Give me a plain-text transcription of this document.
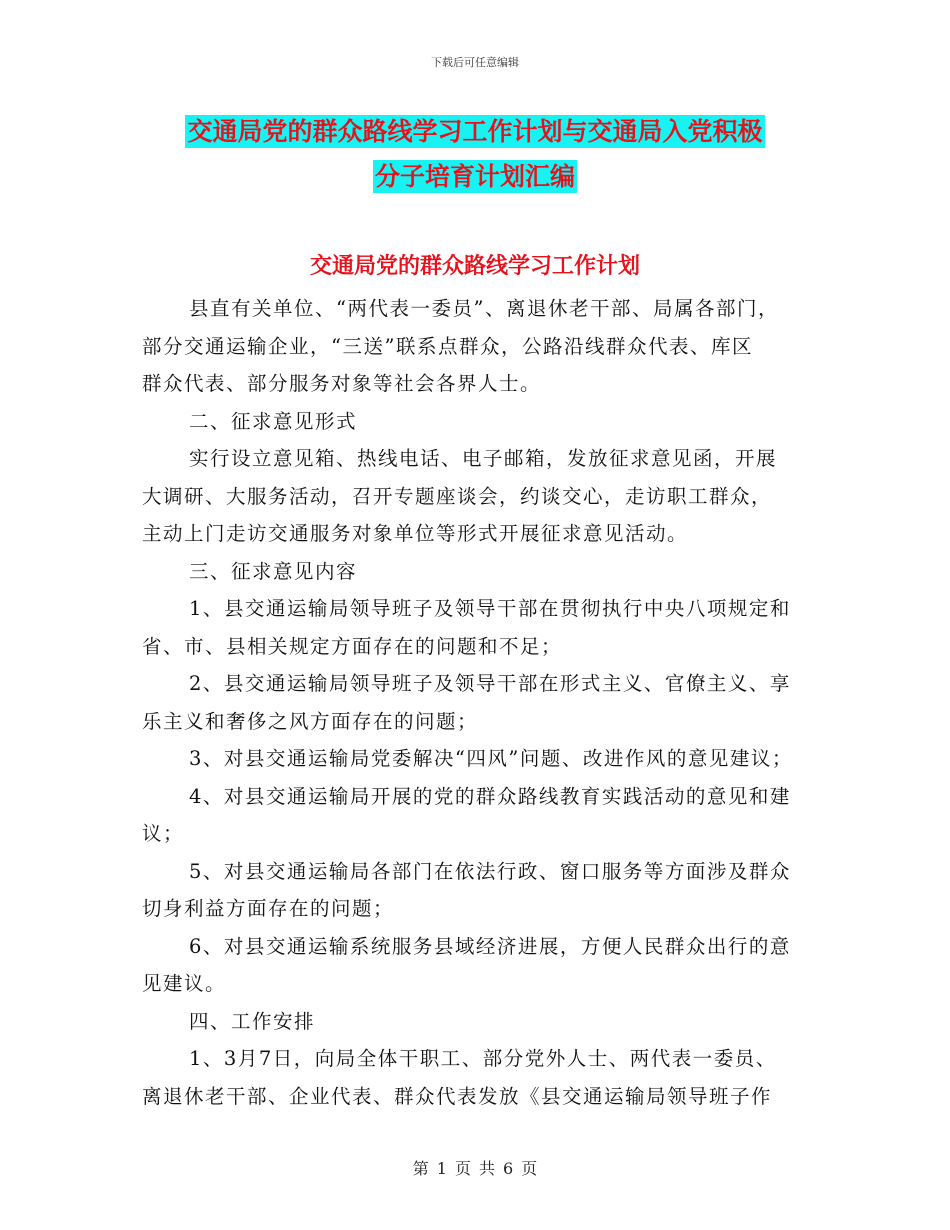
下载后可任意编辑
交通局党的群众路线学习工作计划与交通局入党积极
分子培育计划汇编
交通局党的群众路线学习工作计划
县直有关单位、“两代表一委员”、离退休老干部、局属各部门，
部分交通运输企业，“三送”联系点群众，公路沿线群众代表、库区
群众代表、部分服务对象等社会各界人士。
二、征求意见形式
实行设立意见箱、热线电话、电子邮箱，发放征求意见函，开展
大调研、大服务活动，召开专题座谈会，约谈交心，走访职工群众，
主动上门走访交通服务对象单位等形式开展征求意见活动。
三、征求意见内容
1、县交通运输局领导班子及领导干部在贯彻执行中央八项规定和
省、市、县相关规定方面存在的问题和不足；
2、县交通运输局领导班子及领导干部在形式主义、官僚主义、享
乐主义和奢侈之风方面存在的问题；
3、对县交通运输局党委解决“四风”问题、改进作风的意见建议；
4、对县交通运输局开展的党的群众路线教育实践活动的意见和建
议；
5、对县交通运输局各部门在依法行政、窗口服务等方面涉及群众
切身利益方面存在的问题；
6、对县交通运输系统服务县域经济进展，方便人民群众出行的意
见建议。
四、工作安排
1、3月7日，向局全体干职工、部分党外人士、两代表一委员、
离退休老干部、企业代表、群众代表发放《县交通运输局领导班子作
第 1 页 共 6 页
